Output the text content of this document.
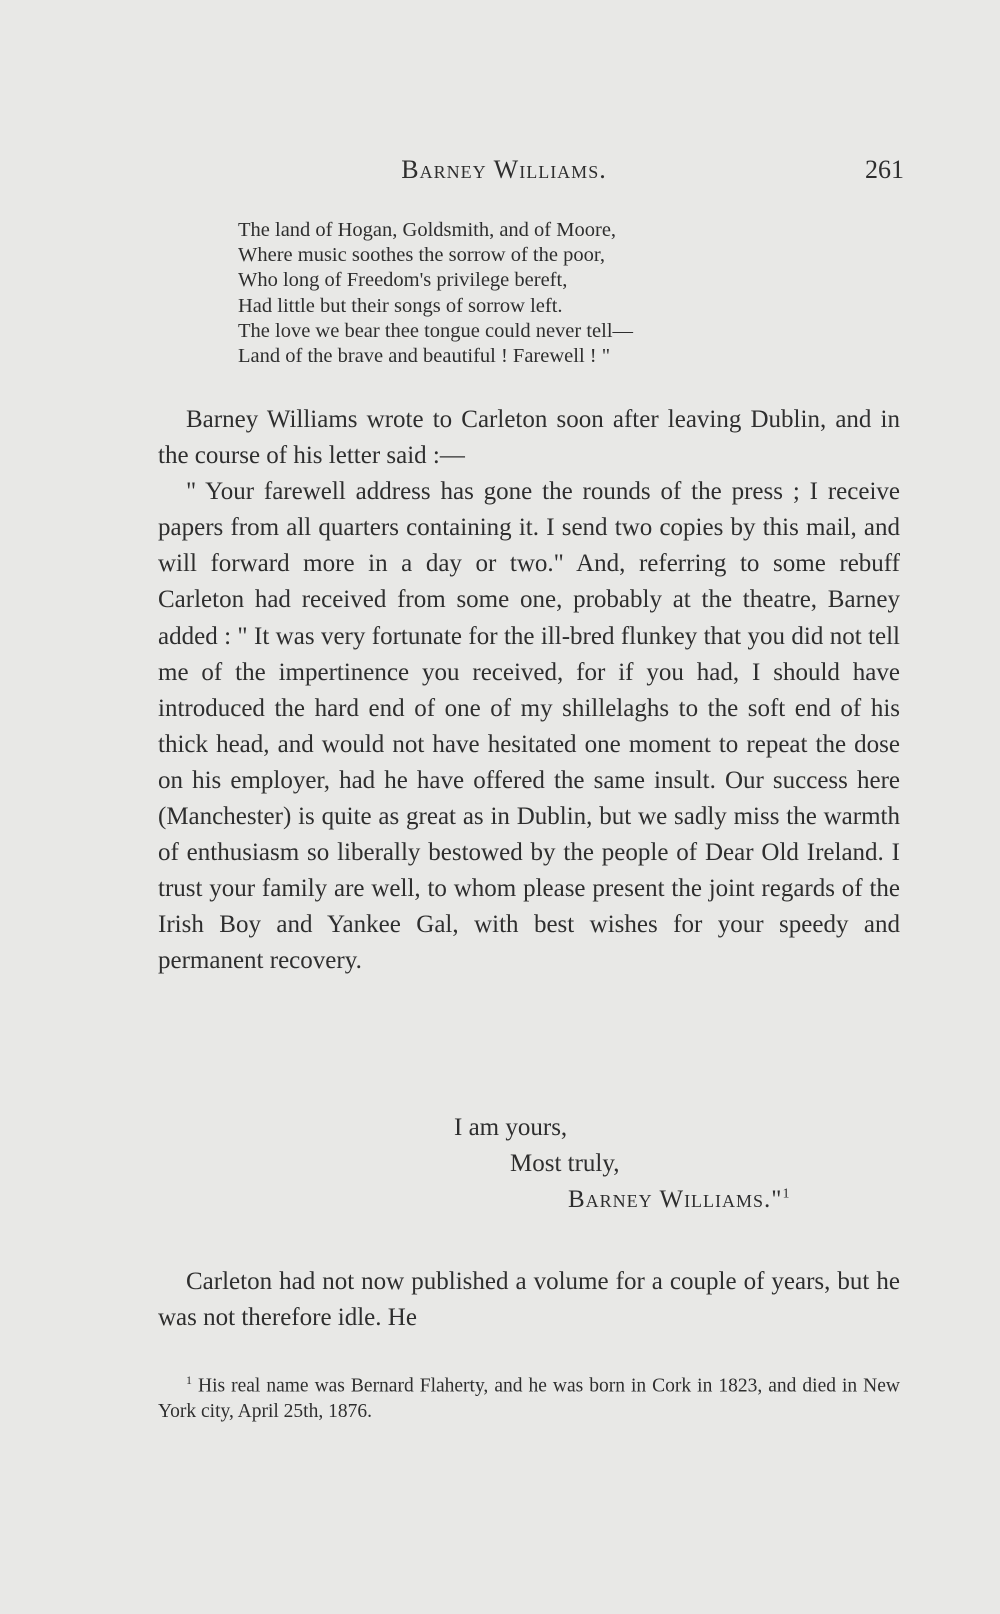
Barney Williams.	261
The land of Hogan, Goldsmith, and of Moore,
Where music soothes the sorrow of the poor,
Who long of Freedom's privilege bereft,
Had little but their songs of sorrow left.
The love we bear thee tongue could never tell—
Land of the brave and beautiful ! Farewell ! "

Barney Williams wrote to Carleton soon after leaving Dublin, and in the course of his letter said :—

" Your farewell address has gone the rounds of the press ; I receive papers from all quarters containing it. I send two copies by this mail, and will forward more in a day or two." And, referring to some rebuff Carleton had received from some one, probably at the theatre, Barney added : " It was very fortunate for the ill-bred flunkey that you did not tell me of the impertinence you received, for if you had, I should have introduced the hard end of one of my shillelaghs to the soft end of his thick head, and would not have hesitated one moment to repeat the dose on his employer, had he have offered the same insult. Our success here (Manchester) is quite as great as in Dublin, but we sadly miss the warmth of enthusiasm so liberally bestowed by the people of Dear Old Ireland. I trust your family are well, to whom please present the joint regards of the Irish Boy and Yankee Gal, with best wishes for your speedy and permanent recovery.

I am yours,
Most truly,
Barney Williams."$^1$

Carleton had not now published a volume for a couple of years, but he was not therefore idle. He

$^1$ His real name was Bernard Flaherty, and he was born in Cork in 1823, and died in New York city, April 25th, 1876.
